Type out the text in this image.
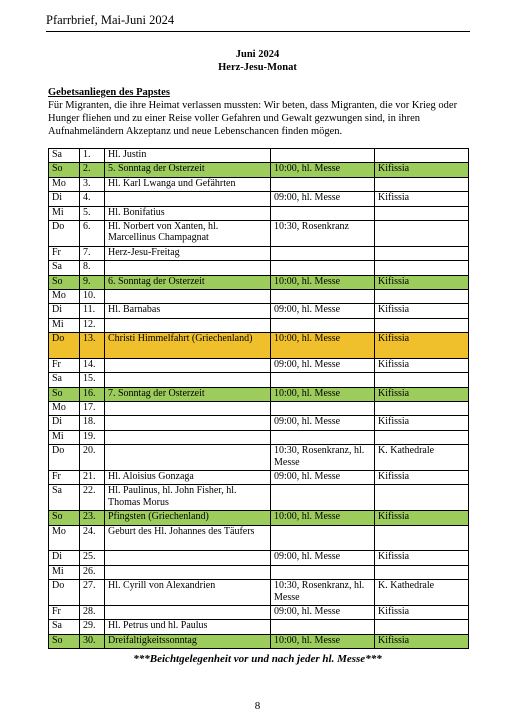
Pfarrbrief, Mai-Juni 2024
Juni 2024
Herz-Jesu-Monat
Gebetsanliegen des Papstes
Für Migranten, die ihre Heimat verlassen mussten: Wir beten, dass Migranten, die vor Krieg oder Hunger fliehen und zu einer Reise voller Gefahren und Gewalt gezwungen sind, in ihren Aufnahmeländern Akzeptanz und neue Lebenschancen finden mögen.
Sa	1.	Hl. Justin		
So	2.	5. Sonntag der Osterzeit	10:00, hl. Messe	Kifissia
Mo	3.	Hl. Karl Lwanga und Gefährten		
Di	4.		09:00, hl. Messe	Kifissia
Mi	5.	Hl. Bonifatius		
Do	6.	Hl. Norbert von Xanten, hl. Marcellinus Champagnat	10:30, Rosenkranz	
Fr	7.	Herz-Jesu-Freitag		
Sa	8.			
So	9.	6. Sonntag der Osterzeit	10:00, hl. Messe	Kifissia
Mo	10.			
Di	11.	Hl. Barnabas	09:00, hl. Messe	Kifissia
Mi	12.			
Do	13.	Christi Himmelfahrt (Griechenland)	10:00, hl. Messe	Kifissia
Fr	14.		09:00, hl. Messe	Kifissia
Sa	15.			
So	16.	7. Sonntag der Osterzeit	10:00, hl. Messe	Kifissia
Mo	17.			
Di	18.		09:00, hl. Messe	Kifissia
Mi	19.			
Do	20.		10:30, Rosenkranz, hl. Messe	K. Kathedrale
Fr	21.	Hl. Aloisius Gonzaga	09:00, hl. Messe	Kifissia
Sa	22.	Hl. Paulinus, hl. John Fisher, hl. Thomas Morus		
So	23.	Pfingsten (Griechenland)	10:00, hl. Messe	Kifissia
Mo	24.	Geburt des Hl. Johannes des Täufers		
Di	25.		09:00, hl. Messe	Kifissia
Mi	26.			
Do	27.	Hl. Cyrill von Alexandrien	10:30, Rosenkranz, hl. Messe	K. Kathedrale
Fr	28.		09:00, hl. Messe	Kifissia
Sa	29.	Hl. Petrus und hl. Paulus		
So	30.	Dreifaltigkeitssonntag	10:00, hl. Messe	Kifissia
***Beichtgelegenheit vor und nach jeder hl. Messe***
8
